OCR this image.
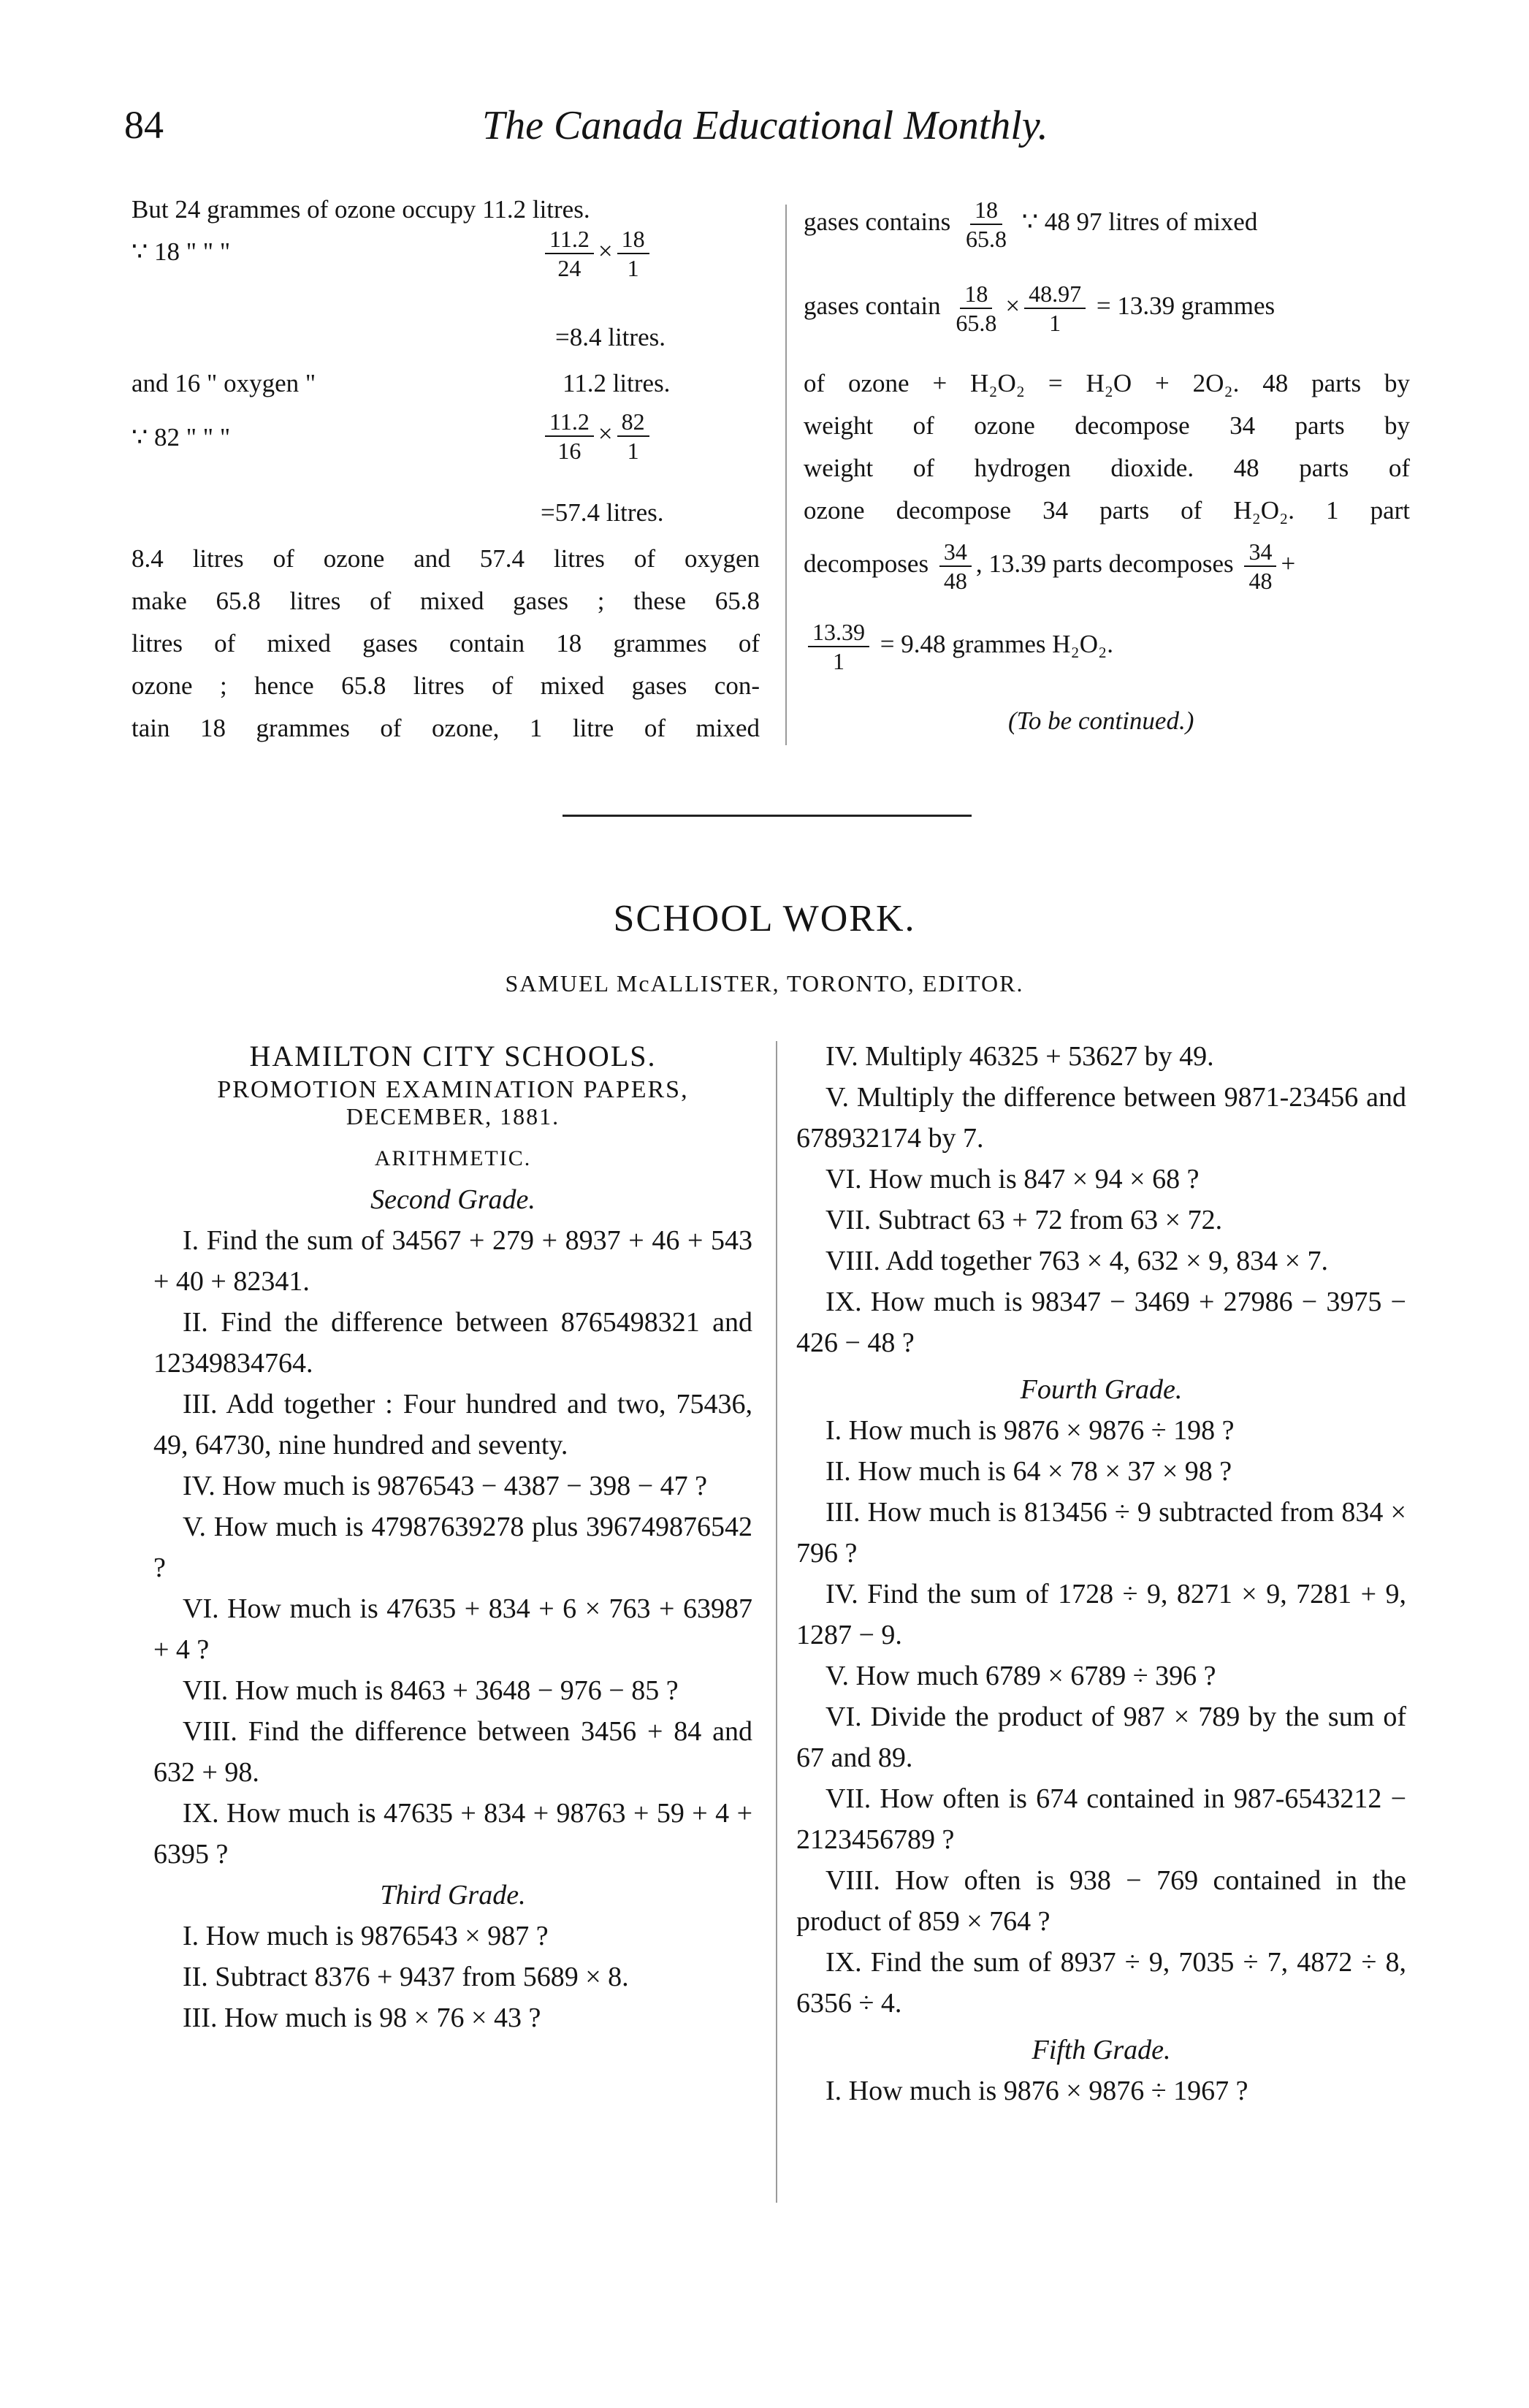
84	The Canada Educational Monthly.
But 24 grammes of ozone occupy 11.2 litres.
∵ 18 " " "	$\frac{11.2}{24} \times \frac{18}{1}$
=8.4 litres.
and 16 " oxygen "	11.2 litres.
∵ 82 " " "	$\frac{11.2}{16} \times \frac{82}{1}$
=57.4 litres.
8.4 litres of ozone and 57.4 litres of oxygen
make 65.8 litres of mixed gases ; these 65.8
litres of mixed gases contain 18 grammes of
ozone ; hence 65.8 litres of mixed gases con-
tain 18 grammes of ozone, 1 litre of mixed
gases contains $\frac{18}{65.8}$ ∵ 48 97 litres of mixed
gases contain $\frac{18}{65.8} \times \frac{48.97}{1} = 13.39$ grammes
of ozone + H₂O₂ = H₂O + 2O₂. 48 parts by
weight of ozone decompose 34 parts by
weight of hydrogen dioxide. 48 parts of
ozone decompose 34 parts of H₂O₂. 1 part
decomposes $\frac{34}{48}$ , 13.39 parts decomposes $\frac{34}{48}$ +
$\frac{13.39}{1} = 9.48$ grammes H₂O₂.
(To be continued.)
SCHOOL WORK.
SAMUEL McALLISTER, TORONTO, EDITOR.
HAMILTON CITY SCHOOLS.
PROMOTION EXAMINATION PAPERS,
DECEMBER, 1881.
ARITHMETIC.
Second Grade.

I. Find the sum of 34567 + 279 + 8937 + 46 + 543 + 40 + 82341.

II. Find the difference between 8765498321 and 12349834764.

III. Add together : Four hundred and two, 75436, 49, 64730, nine hundred and seventy.

IV. How much is 9876543 − 4387 − 398 − 47 ?

V. How much is 47987639278 plus 396749876542 ?

VI. How much is 47635 + 834 + 6 × 763 + 63987 + 4 ?

VII. How much is 8463 + 3648 − 976 − 85 ?

VIII. Find the difference between 3456 + 84 and 632 + 98.

IX. How much is 47635 + 834 + 98763 + 59 + 4 + 6395 ?

Third Grade.

I. How much is 9876543 × 987 ?

II. Subtract 8376 + 9437 from 5689 × 8.

III. How much is 98 × 76 × 43 ?

IV. Multiply 46325 + 53627 by 49.

V. Multiply the difference between 9871-23456 and 678932174 by 7.

VI. How much is 847 × 94 × 68 ?

VII. Subtract 63 + 72 from 63 × 72.

VIII. Add together 763 × 4, 632 × 9, 834 × 7.

IX. How much is 98347 − 3469 + 27986 − 3975 − 426 − 48 ?

Fourth Grade.

I. How much is 9876 × 9876 ÷ 198 ?

II. How much is 64 × 78 × 37 × 98 ?

III. How much is 813456 ÷ 9 subtracted from 834 × 796 ?

IV. Find the sum of 1728 ÷ 9, 8271 × 9, 7281 + 9, 1287 − 9.

V. How much 6789 × 6789 ÷ 396 ?

VI. Divide the product of 987 × 789 by the sum of 67 and 89.

VII. How often is 674 contained in 987-6543212 − 2123456789 ?

VIII. How often is 938 − 769 contained in the product of 859 × 764 ?

IX. Find the sum of 8937 ÷ 9, 7035 ÷ 7, 4872 ÷ 8, 6356 ÷ 4.

Fifth Grade.

I. How much is 9876 × 9876 ÷ 1967 ?
